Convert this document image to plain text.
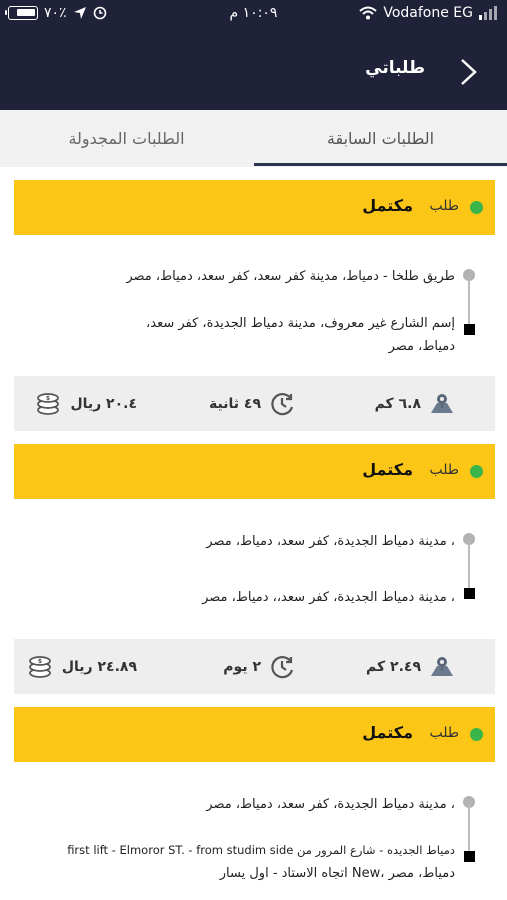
٧٠٪	١٠:٠٩ م	Vodafone EG
طلباتي
الطلبات السابقة
الطلبات المجدولة
طلب
مكتمل
طريق طلخا - دمياط، مدينة كفر سعد، كفر سعد، دمياط، مصر
إسم الشارع غير معروف، مدينة دمياط الجديدة، كفر سعد،
دمياط، مصر
٦.٨ كم
٤٩ ثانية
$ ٢٠.٤ ريال
طلب
مكتمل
، مدينة دمياط الجديدة، كفر سعد، دمياط، مصر
، مدينة دمياط الجديدة، كفر سعد،، دمياط، مصر
٢.٤٩ كم
٢ يوم
$ ٢٤.٨٩ ريال
طلب
مكتمل
، مدينة دمياط الجديدة، كفر سعد، دمياط، مصر
دمياط الجديده - شارع المرور من first lift - Elmoror ST. - from studim side
دمياط، مصر ،New اتجاه الاستاد - اول يسار
